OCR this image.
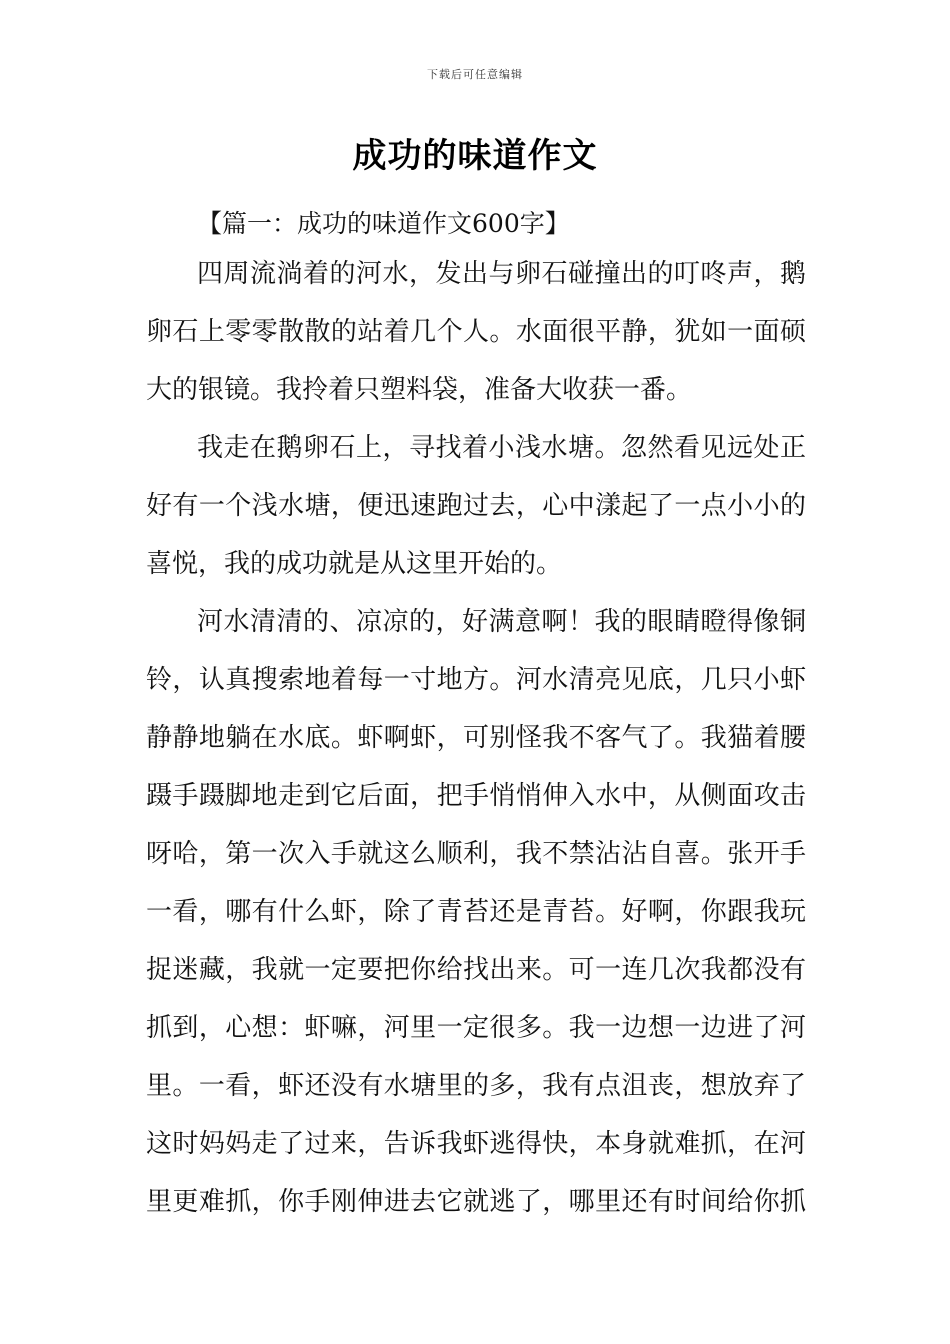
下载后可任意编辑
成功的味道作文
【篇一：成功的味道作文600字】
四周流淌着的河水，发出与卵石碰撞出的叮咚声，鹅
卵石上零零散散的站着几个人。水面很平静，犹如一面硕
大的银镜。我拎着只塑料袋，准备大收获一番。
我走在鹅卵石上，寻找着小浅水塘。忽然看见远处正
好有一个浅水塘，便迅速跑过去，心中漾起了一点小小的
喜悦，我的成功就是从这里开始的。
河水清清的、凉凉的，好满意啊！我的眼睛瞪得像铜
铃，认真搜索地着每一寸地方。河水清亮见底，几只小虾
静静地躺在水底。虾啊虾，可别怪我不客气了。我猫着腰
蹑手蹑脚地走到它后面，把手悄悄伸入水中，从侧面攻击
呀哈，第一次入手就这么顺利，我不禁沾沾自喜。张开手
一看，哪有什么虾，除了青苔还是青苔。好啊，你跟我玩
捉迷藏，我就一定要把你给找出来。可一连几次我都没有
抓到，心想：虾嘛，河里一定很多。我一边想一边进了河
里。一看，虾还没有水塘里的多，我有点沮丧，想放弃了
这时妈妈走了过来，告诉我虾逃得快，本身就难抓，在河
里更难抓，你手刚伸进去它就逃了，哪里还有时间给你抓
